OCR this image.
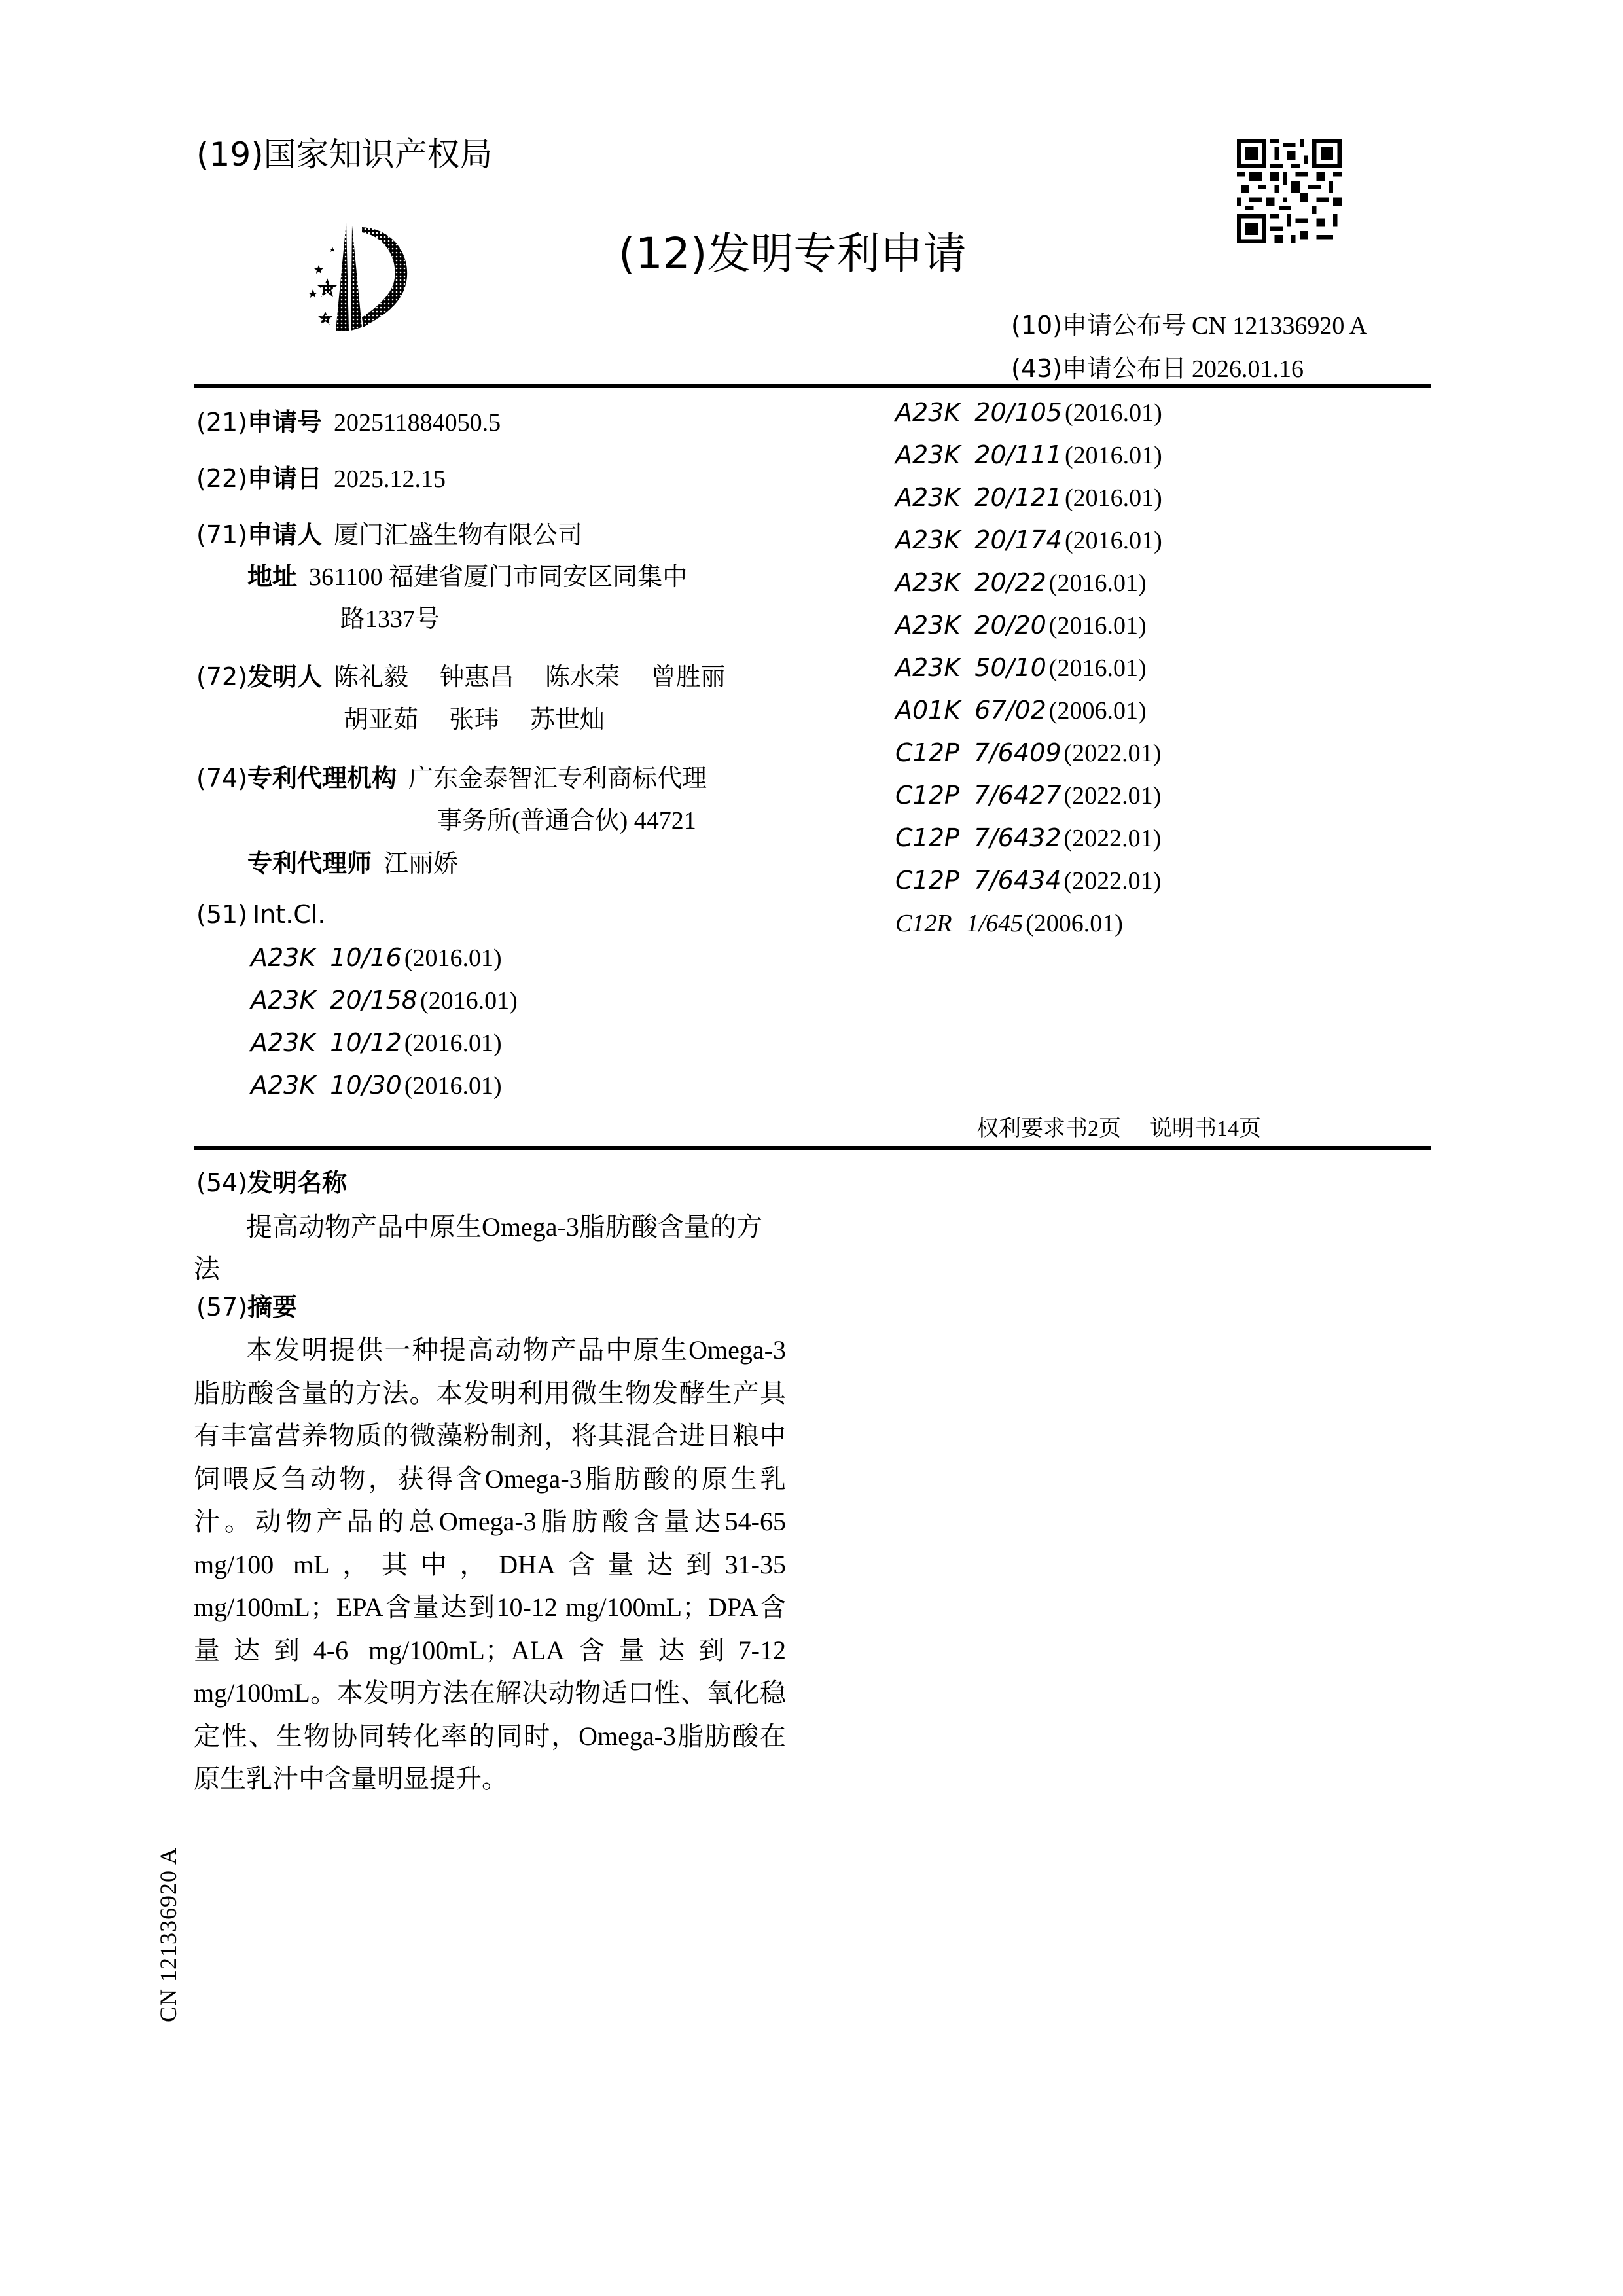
(19)国家知识产权局
(12)发明专利申请
(10)申请公布号 CN 121336920 A
(43)申请公布日 2026.01.16
(21)申请号 202511884050.5
(22)申请日 2025.12.15
(71)申请人 厦门汇盛生物有限公司
地址 361100 福建省厦门市同安区同集中
路1337号
(72)发明人 陈礼毅　 钟惠昌　 陈水荣　 曾胜丽
胡亚茹　 张玮　 苏世灿
(74)专利代理机构 广东金泰智汇专利商标代理
事务所(普通合伙) 44721
专利代理师 江丽娇
(51) Int.Cl.
A23K 10/16 (2016.01)
A23K 20/158 (2016.01)
A23K 10/12 (2016.01)
A23K 10/30 (2016.01)
A23K 20/105 (2016.01)
A23K 20/111 (2016.01)
A23K 20/121 (2016.01)
A23K 20/174 (2016.01)
A23K 20/22 (2016.01)
A23K 20/20 (2016.01)
A23K 50/10 (2016.01)
A01K 67/02 (2006.01)
C12P 7/6409 (2022.01)
C12P 7/6427 (2022.01)
C12P 7/6432 (2022.01)
C12P 7/6434 (2022.01)
C12R 1/645 (2006.01)
权利要求书2页 说明书14页
(54)发明名称
提高动物产品中原生Omega-3脂肪酸含量的方法
(57)摘要
本发明提供一种提高动物产品中原生Omega-3脂肪酸含量的方法。本发明利用微生物发酵生产具有丰富营养物质的微藻粉制剂，将其混合进日粮中饲喂反刍动物，获得含Omega-3脂肪酸的原生乳汁。动物产品的总Omega-3脂肪酸含量达54-65 mg/100 mL，其中，DHA含量达到31-35 mg/100mL；EPA含量达到10-12 mg/100mL；DPA含量达到4-6 mg/100mL；ALA含量达到7-12 mg/100mL。本发明方法在解决动物适口性、氧化稳定性、生物协同转化率的同时，Omega-3脂肪酸在原生乳汁中含量明显提升。
CN 121336920 A
